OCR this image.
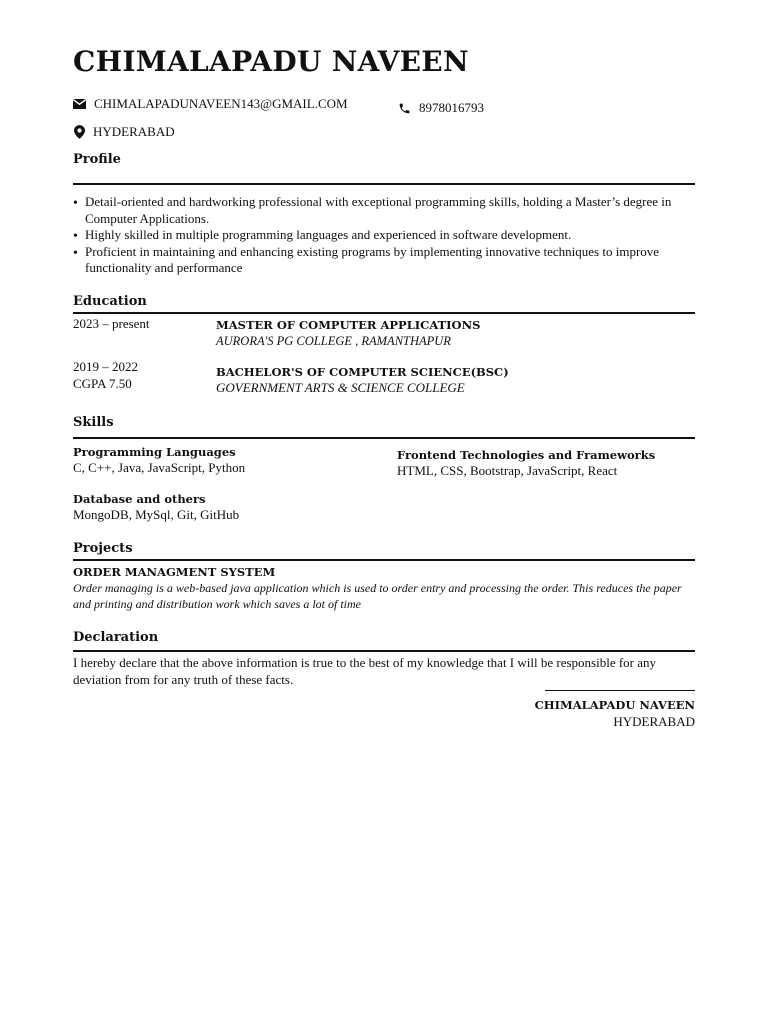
CHIMALAPADU NAVEEN
CHIMALAPADUNAVEEN143@GMAIL.COM	8978016793
HYDERABAD
Profile
• Detail-oriented and hardworking professional with exceptional programming skills, holding a Master’s degree in Computer Applications.
• Highly skilled in multiple programming languages and experienced in software development.
• Proficient in maintaining and enhancing existing programs by implementing innovative techniques to improve functionality and performance
Education
2023 – present	MASTER OF COMPUTER APPLICATIONS
AURORA'S PG COLLEGE , RAMANTHAPUR
2019 – 2022
CGPA 7.50
BACHELOR'S OF COMPUTER SCIENCE(BSC)
GOVERNMENT ARTS & SCIENCE COLLEGE
Skills
Programming Languages
C, C++, Java, JavaScript, Python
Frontend Technologies and Frameworks
HTML, CSS, Bootstrap, JavaScript, React
Database and others
MongoDB, MySql, Git, GitHub
Projects
ORDER MANAGMENT SYSTEM
Order managing is a web-based java application which is used to order entry and processing the order. This reduces the paper and printing and distribution work which saves a lot of time
Declaration
I hereby declare that the above information is true to the best of my knowledge that I will be responsible for any deviation from for any truth of these facts.
CHIMALAPADU NAVEEN
HYDERABAD
